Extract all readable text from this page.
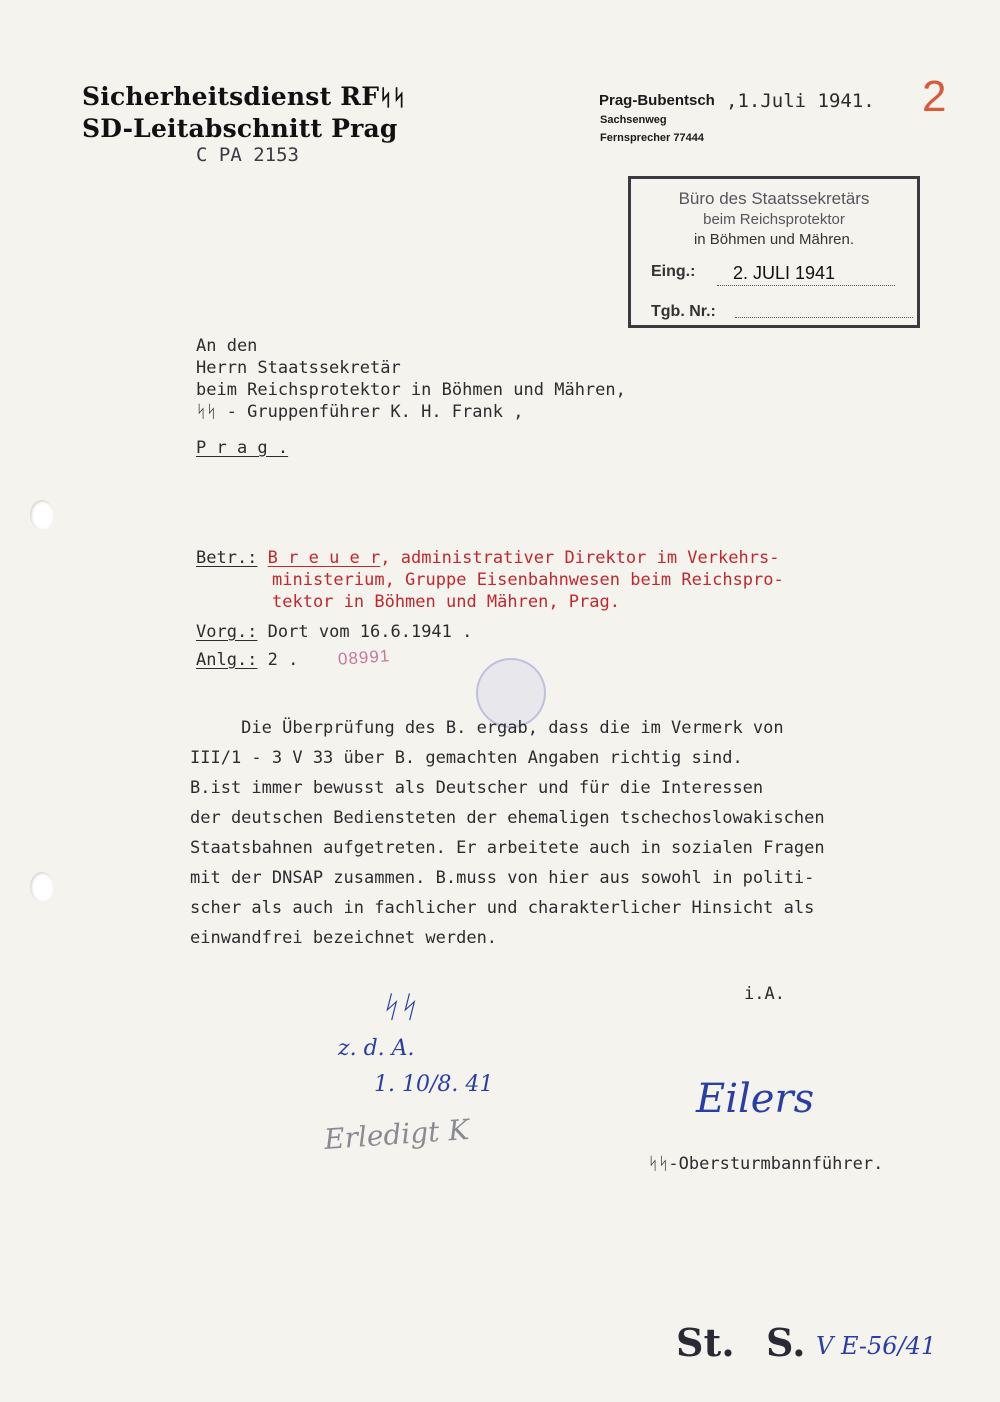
Sicherheitsdienst RFᛋᛋ
SD-Leitabschnitt Prag
C PA 2153
Prag-Bubentsch ,1.Juli 1941.
Sachsenweg
Fernsprecher 77444
2
Büro des Staatssekretärs
beim Reichsprotektor
in Böhmen und Mähren.
Eing.: 2. JULI 1941
Tgb. Nr.:
An den
Herrn Staatssekretär
beim Reichsprotektor in Böhmen und Mähren,
ᛋᛋ - Gruppenführer K. H. Frank ,
P r a g .
Betr.: B r e u e r, administrativer Direktor im Verkehrs-
ministerium, Gruppe Eisenbahnwesen beim Reichspro-
tektor in Böhmen und Mähren, Prag.
Vorg.: Dort vom 16.6.1941 .
Anlg.: 2 . 08991
Die Überprüfung des B. ergab, dass die im Vermerk von
III/1 - 3 V 33 über B. gemachten Angaben richtig sind.
B.ist immer bewusst als Deutscher und für die Interessen
der deutschen Bediensteten der ehemaligen tschechoslowakischen
Staatsbahnen aufgetreten. Er arbeitete auch in sozialen Fragen
mit der DNSAP zusammen. B.muss von hier aus sowohl in politi-
scher als auch in fachlicher und charakterlicher Hinsicht als
einwandfrei bezeichnet werden.
i.A.
Eilers
ᛋᛋ-Obersturmbannführer.
ᛋᛋ
z. d. A.
1. 10/8. 41
Erledigt K
St. S. V E-56/41
